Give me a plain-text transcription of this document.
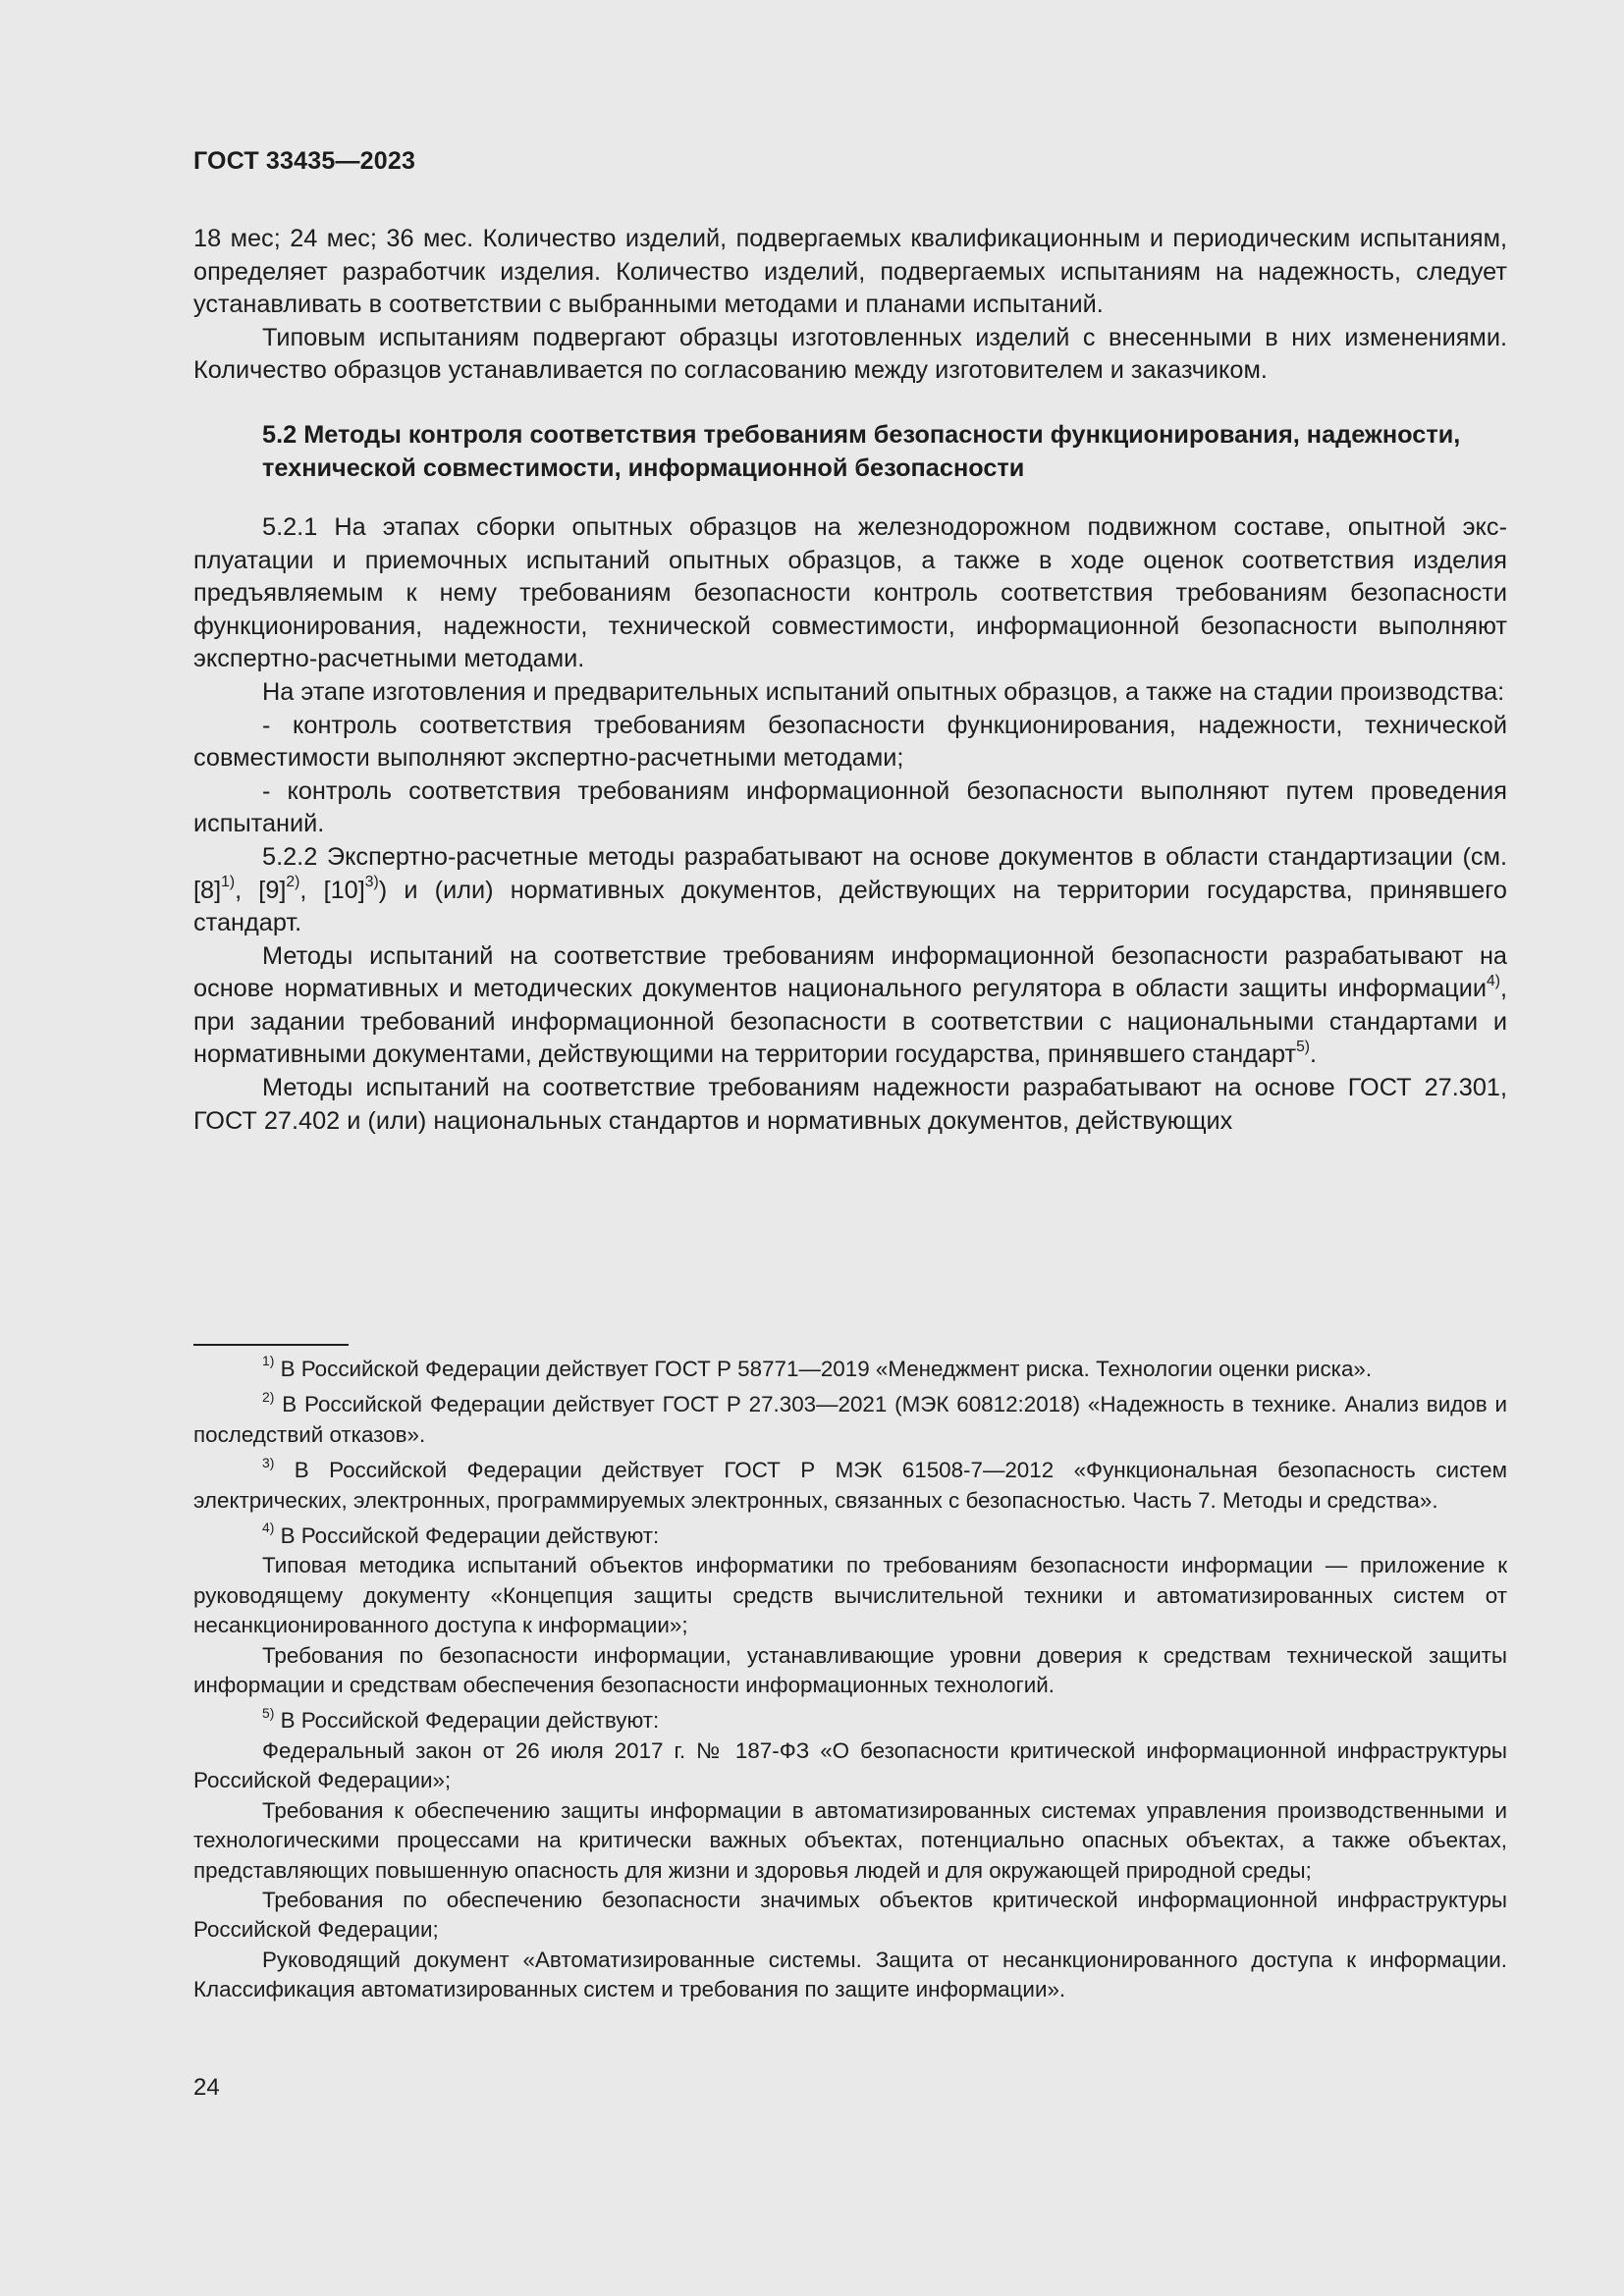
ГОСТ 33435—2023

18 мес; 24 мес; 36 мес. Количество изделий, подвергаемых квалификационным и периодическим испытаниям, определяет разработчик изделия. Количество изделий, подвергаемых испытаниям на надежность, следует устанавливать в соответствии с выбранными методами и планами испытаний.

Типовым испытаниям подвергают образцы изготовленных изделий с внесенными в них изменениями. Количество образцов устанавливается по согласованию между изготовителем и заказчиком.

5.2 Методы контроля соответствия требованиям безопасности функционирования, надежности, технической совместимости, информационной безопасности

5.2.1 На этапах сборки опытных образцов на железнодорожном подвижном составе, опытной эксплуатации и приемочных испытаний опытных образцов, а также в ходе оценок соответствия изделия предъявляемым к нему требованиям безопасности контроль соответствия требованиям безопасности функционирования, надежности, технической совместимости, информационной безопасности выполняют экспертно-расчетными методами.

На этапе изготовления и предварительных испытаний опытных образцов, а также на стадии производства:

- контроль соответствия требованиям безопасности функционирования, надежности, технической совместимости выполняют экспертно-расчетными методами;

- контроль соответствия требованиям информационной безопасности выполняют путем проведения испытаний.

5.2.2 Экспертно-расчетные методы разрабатывают на основе документов в области стандартизации (см. $[8]^{1)}$, $[9]^{2)}$, $[10]^{3)}$) и (или) нормативных документов, действующих на территории государства, принявшего стандарт.

Методы испытаний на соответствие требованиям информационной безопасности разрабатывают на основе нормативных и методических документов национального регулятора в области защиты информации$^{4)}$, при задании требований информационной безопасности в соответствии с национальными стандартами и нормативными документами, действующими на территории государства, принявшего стандарт$^{5)}$.

Методы испытаний на соответствие требованиям надежности разрабатывают на основе ГОСТ 27.301, ГОСТ 27.402 и (или) национальных стандартов и нормативных документов, действующих

$^{1)}$ В Российской Федерации действует ГОСТ Р 58771—2019 «Менеджмент риска. Технологии оценки риска».

$^{2)}$ В Российской Федерации действует ГОСТ Р 27.303—2021 (МЭК 60812:2018) «Надежность в технике. Анализ видов и последствий отказов».

$^{3)}$ В Российской Федерации действует ГОСТ Р МЭК 61508-7—2012 «Функциональная безопасность систем электрических, электронных, программируемых электронных, связанных с безопасностью. Часть 7. Методы и средства».

$^{4)}$ В Российской Федерации действуют:

Типовая методика испытаний объектов информатики по требованиям безопасности информации — приложение к руководящему документу «Концепция защиты средств вычислительной техники и автоматизированных систем от несанкционированного доступа к информации»;

Требования по безопасности информации, устанавливающие уровни доверия к средствам технической защиты информации и средствам обеспечения безопасности информационных технологий.

$^{5)}$ В Российской Федерации действуют:

Федеральный закон от 26 июля 2017 г. № 187-ФЗ «О безопасности критической информационной инфраструктуры Российской Федерации»;

Требования к обеспечению защиты информации в автоматизированных системах управления производственными и технологическими процессами на критически важных объектах, потенциально опасных объектах, а также объектах, представляющих повышенную опасность для жизни и здоровья людей и для окружающей природной среды;

Требования по обеспечению безопасности значимых объектов критической информационной инфраструктуры Российской Федерации;

Руководящий документ «Автоматизированные системы. Защита от несанкционированного доступа к информации. Классификация автоматизированных систем и требования по защите информации».

24
